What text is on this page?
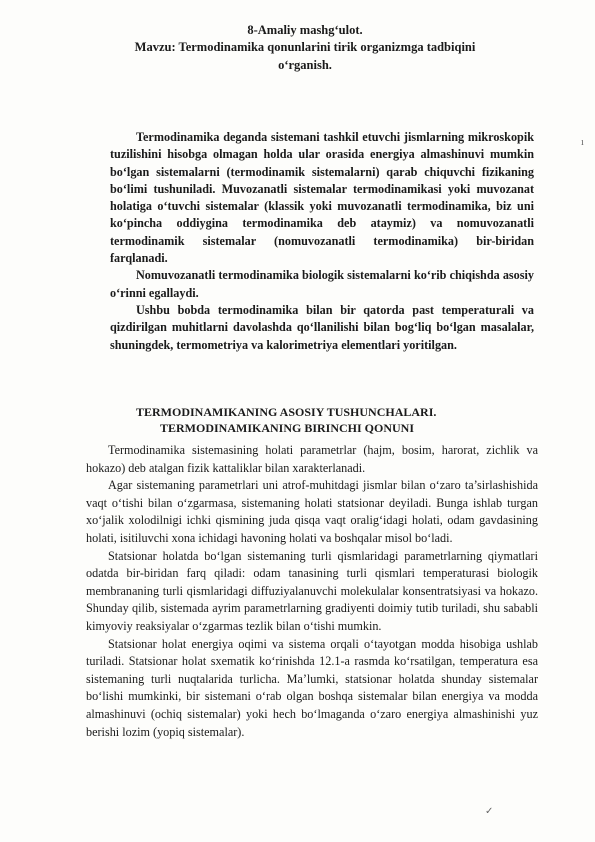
8-Amaliy mashg‘ulot.
Mavzu: Termodinamika qonunlarini tirik organizmga tadbiqini
o‘rganish.

Termodinamika deganda sistemani tashkil etuvchi jismlarning mikroskopik tuzilishini hisobga olmagan holda ular orasida energiya almashinuvi mumkin bo‘lgan sistemalarni (termodinamik sistemalarni) qarab chiquvchi fizikaning bo‘limi tushuniladi. Muvozanatli sistemalar termodinamikasi yoki muvozanat holatiga o‘tuvchi sistemalar (klassik yoki muvozanatli termodinamika, biz uni ko‘pincha oddiygina termodinamika deb ataymiz) va nomuvozanatli termodinamik sistemalar (nomuvozanatli termodinamika) bir-biridan farqlanadi.

Nomuvozanatli termodinamika biologik sistemalarni ko‘rib chiqishda asosiy o‘rinni egallaydi.

Ushbu bobda termodinamika bilan bir qatorda past temperaturali va qizdirilgan muhitlarni davolashda qo‘llanilishi bilan bog‘liq bo‘lgan masalalar, shuningdek, termometriya va kalorimetriya elementlari yoritilgan.

TERMODINAMIKANING ASOSIY TUSHUNCHALARI.
TERMODINAMIKANING BIRINCHI QONUNI

Termodinamika sistemasining holati parametrlar (hajm, bosim, harorat, zichlik va hokazo) deb atalgan fizik kattaliklar bilan xarakterlanadi.

Agar sistemaning parametrlari uni atrof-muhitdagi jismlar bilan o‘zaro ta’sirlashishida vaqt o‘tishi bilan o‘zgarmasa, sistemaning holati statsionar deyiladi. Bunga ishlab turgan xo‘jalik xolodilnigi ichki qismining juda qisqa vaqt oralig‘idagi holati, odam gavdasining holati, isitiluvchi xona ichidagi havoning holati va boshqalar misol bo‘ladi.

Statsionar holatda bo‘lgan sistemaning turli qismlaridagi parametrlarning qiymatlari odatda bir-biridan farq qiladi: odam tanasining turli qismlari temperaturasi biologik membrananing turli qismlaridagi diffuziyalanuvchi molekulalar konsentratsiyasi va hokazo. Shunday qilib, sistemada ayrim parametrlarning gradiyenti doimiy tutib turiladi, shu sababli kimyoviy reaksiyalar o‘zgarmas tezlik bilan o‘tishi mumkin.

Statsionar holat energiya oqimi va sistema orqali o‘tayotgan modda hisobiga ushlab turiladi. Statsionar holat sxematik ko‘rinishda 12.1-a rasmda ko‘rsatilgan, temperatura esa sistemaning turli nuqtalarida turlicha. Ma’lumki, statsionar holatda shunday sistemalar bo‘lishi mumkinki, bir sistemani o‘rab olgan boshqa sistemalar bilan energiya va modda almashinuvi (ochiq sistemalar) yoki hech bo‘lmaganda o‘zaro energiya almashinishi yuz berishi lozim (yopiq sistemalar).

ı
✓
